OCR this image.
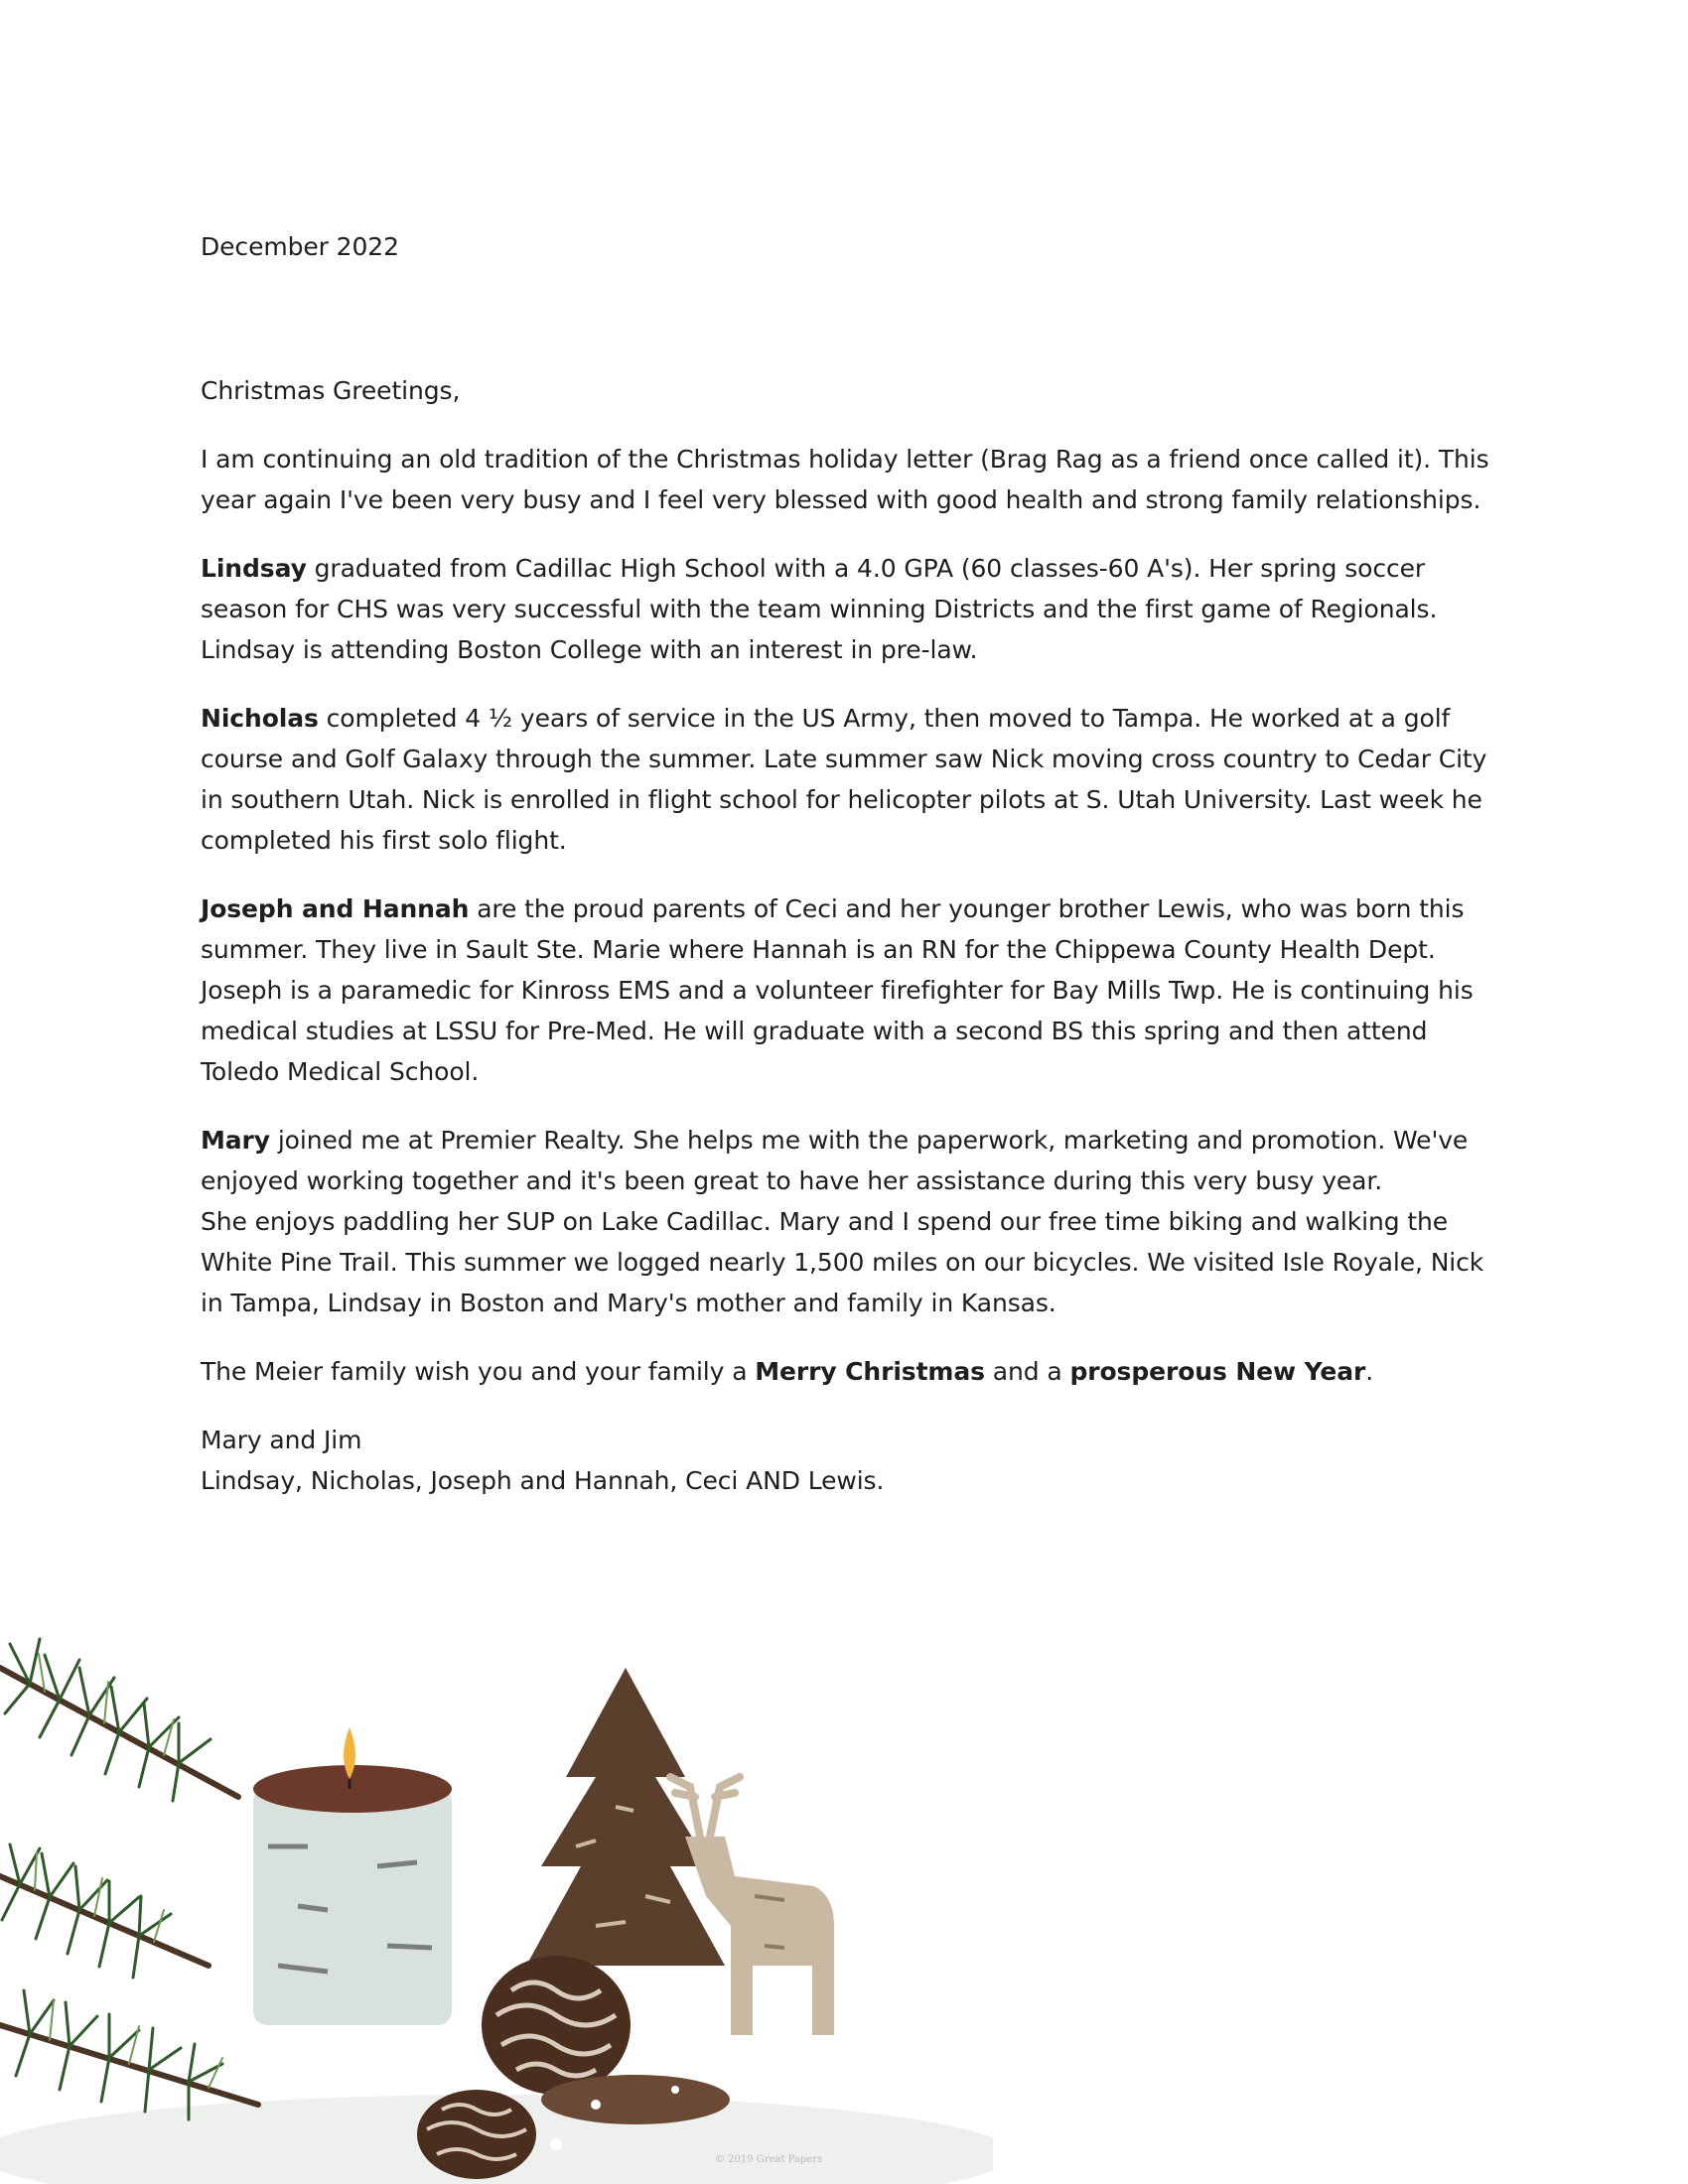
December 2022

Christmas Greetings,

I am continuing an old tradition of the Christmas holiday letter (Brag Rag as a friend once called it). This year again I've been very busy and I feel very blessed with good health and strong family relationships.

Lindsay graduated from Cadillac High School with a 4.0 GPA (60 classes-60 A's). Her spring soccer season for CHS was very successful with the team winning Districts and the first game of Regionals. Lindsay is attending Boston College with an interest in pre-law.

Nicholas completed 4 ½ years of service in the US Army, then moved to Tampa. He worked at a golf course and Golf Galaxy through the summer. Late summer saw Nick moving cross country to Cedar City in southern Utah. Nick is enrolled in flight school for helicopter pilots at S. Utah University. Last week he completed his first solo flight.

Joseph and Hannah are the proud parents of Ceci and her younger brother Lewis, who was born this summer. They live in Sault Ste. Marie where Hannah is an RN for the Chippewa County Health Dept. Joseph is a paramedic for Kinross EMS and a volunteer firefighter for Bay Mills Twp. He is continuing his medical studies at LSSU for Pre-Med. He will graduate with a second BS this spring and then attend Toledo Medical School.

Mary joined me at Premier Realty. She helps me with the paperwork, marketing and promotion. We've enjoyed working together and it's been great to have her assistance during this very busy year.
She enjoys paddling her SUP on Lake Cadillac. Mary and I spend our free time biking and walking the White Pine Trail. This summer we logged nearly 1,500 miles on our bicycles. We visited Isle Royale, Nick in Tampa, Lindsay in Boston and Mary's mother and family in Kansas.

The Meier family wish you and your family a Merry Christmas and a prosperous New Year.

Mary and Jim

Lindsay, Nicholas, Joseph and Hannah, Ceci AND Lewis.

© 2019 Great Papers
